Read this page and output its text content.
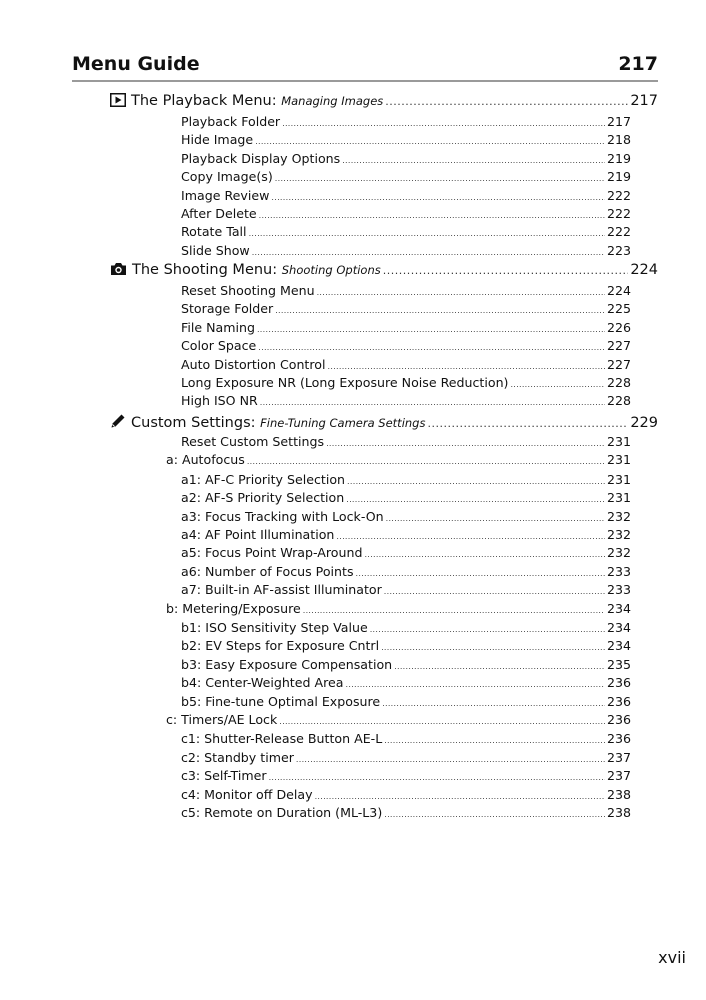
Menu Guide	217
The Playback Menu: Managing Images .....	217
Playback Folder .....	217
Hide Image .....	218
Playback Display Options .....	219
Copy Image(s) .....	219
Image Review .....	222
After Delete .....	222
Rotate Tall .....	222
Slide Show .....	223
The Shooting Menu: Shooting Options .....	224
Reset Shooting Menu .....	224
Storage Folder .....	225
File Naming .....	226
Color Space .....	227
Auto Distortion Control .....	227
Long Exposure NR (Long Exposure Noise Reduction) .....	228
High ISO NR .....	228
Custom Settings: Fine-Tuning Camera Settings .....	229
Reset Custom Settings .....	231
a: Autofocus .....	231
a1: AF-C Priority Selection .....	231
a2: AF-S Priority Selection .....	231
a3: Focus Tracking with Lock-On .....	232
a4: AF Point Illumination .....	232
a5: Focus Point Wrap-Around .....	232
a6: Number of Focus Points .....	233
a7: Built-in AF-assist Illuminator .....	233
b: Metering/Exposure .....	234
b1: ISO Sensitivity Step Value .....	234
b2: EV Steps for Exposure Cntrl .....	234
b3: Easy Exposure Compensation .....	235
b4: Center-Weighted Area .....	236
b5: Fine-tune Optimal Exposure .....	236
c: Timers/AE Lock .....	236
c1: Shutter-Release Button AE-L .....	236
c2: Standby timer .....	237
c3: Self-Timer .....	237
c4: Monitor off Delay .....	238
c5: Remote on Duration (ML-L3) .....	238
xvii
